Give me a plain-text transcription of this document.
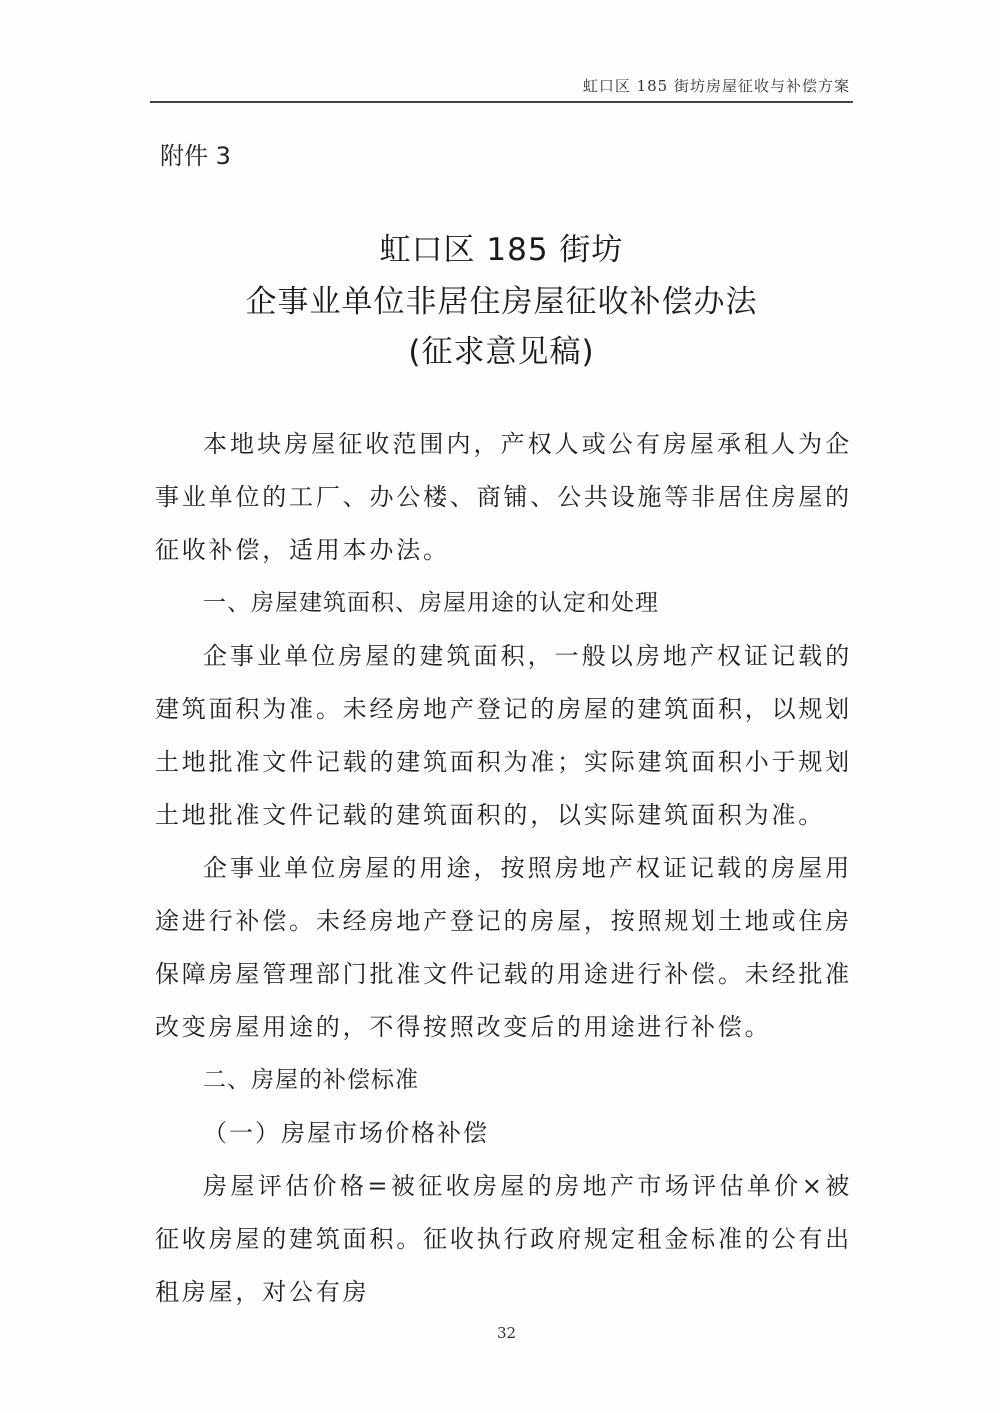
虹口区 185 街坊房屋征收与补偿方案
附件 3
虹口区 185 街坊
企事业单位非居住房屋征收补偿办法
(征求意见稿)

本地块房屋征收范围内，产权人或公有房屋承租人为企事业单位的工厂、办公楼、商铺、公共设施等非居住房屋的征收补偿，适用本办法。

一、房屋建筑面积、房屋用途的认定和处理

企事业单位房屋的建筑面积，一般以房地产权证记载的建筑面积为准。未经房地产登记的房屋的建筑面积，以规划土地批准文件记载的建筑面积为准；实际建筑面积小于规划土地批准文件记载的建筑面积的，以实际建筑面积为准。

企事业单位房屋的用途，按照房地产权证记载的房屋用途进行补偿。未经房地产登记的房屋，按照规划土地或住房保障房屋管理部门批准文件记载的用途进行补偿。未经批准改变房屋用途的，不得按照改变后的用途进行补偿。

二、房屋的补偿标准

（一）房屋市场价格补偿

房屋评估价格=被征收房屋的房地产市场评估单价×被征收房屋的建筑面积。征收执行政府规定租金标准的公有出租房屋，对公有房

32
